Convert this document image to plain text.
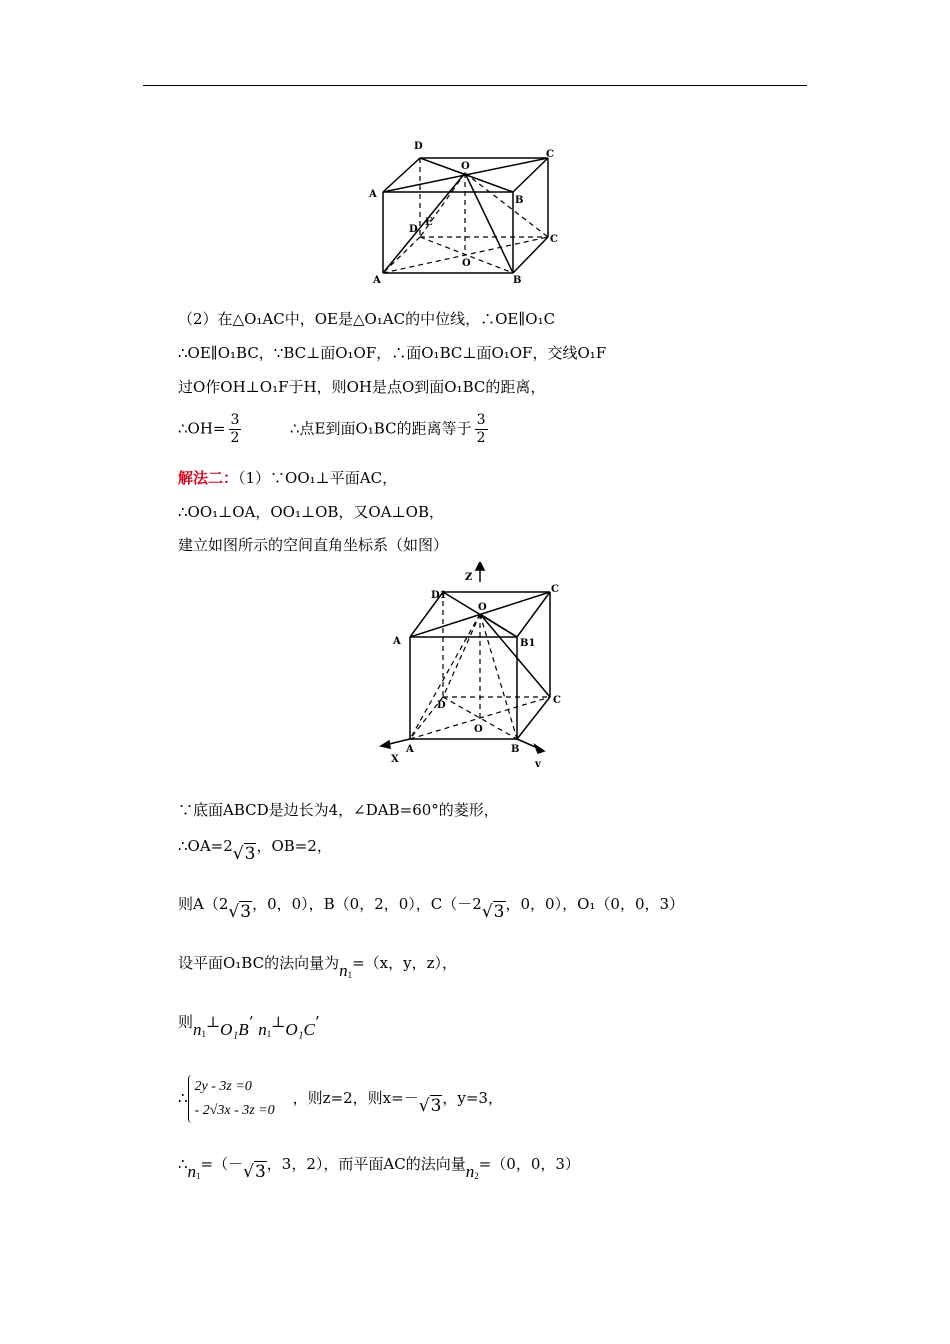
D
C
A
B
O
E
D
C
A	B
O
（2）在△O₁AC中，OE是△O₁AC的中位线，∴OE∥O₁C
∴OE∥O₁BC，∵BC⊥面O₁OF，∴面O₁BC⊥面O₁OF，交线O₁F
过O作OH⊥O₁F于H，则OH是点O到面O₁BC的距离，
∴OH= $\frac{3}{2}$	∴点E到面O₁BC的距离等于 $\frac{3}{2}$
解法二：（1）∵OO₁⊥平面AC，
∴OO₁⊥OA，OO₁⊥OB，又OA⊥OB，
建立如图所示的空间直角坐标系（如图）
Z
D1
C
O
A	B1
D	C
O
A	B
X	v
∵底面ABCD是边长为4，∠DAB=60°的菱形，
∴OA=2√3，OB=2，
则A（2√3，0，0），B（0，2，0），C（－2√3，0，0），O₁（0，0，3）
设平面O₁BC的法向量为$n_1=(x$，y，z），
则$n_1\perp O_1B$’ $n_1\perp O_1C$’
∴
2y - 3z =0
- 2√3x - 3z =0
，则z=2，则x=－√3，y=3，
$\therefore n_1=(-√3$，3，2），而平面AC的法向量$n_2=(0$，0，3）
